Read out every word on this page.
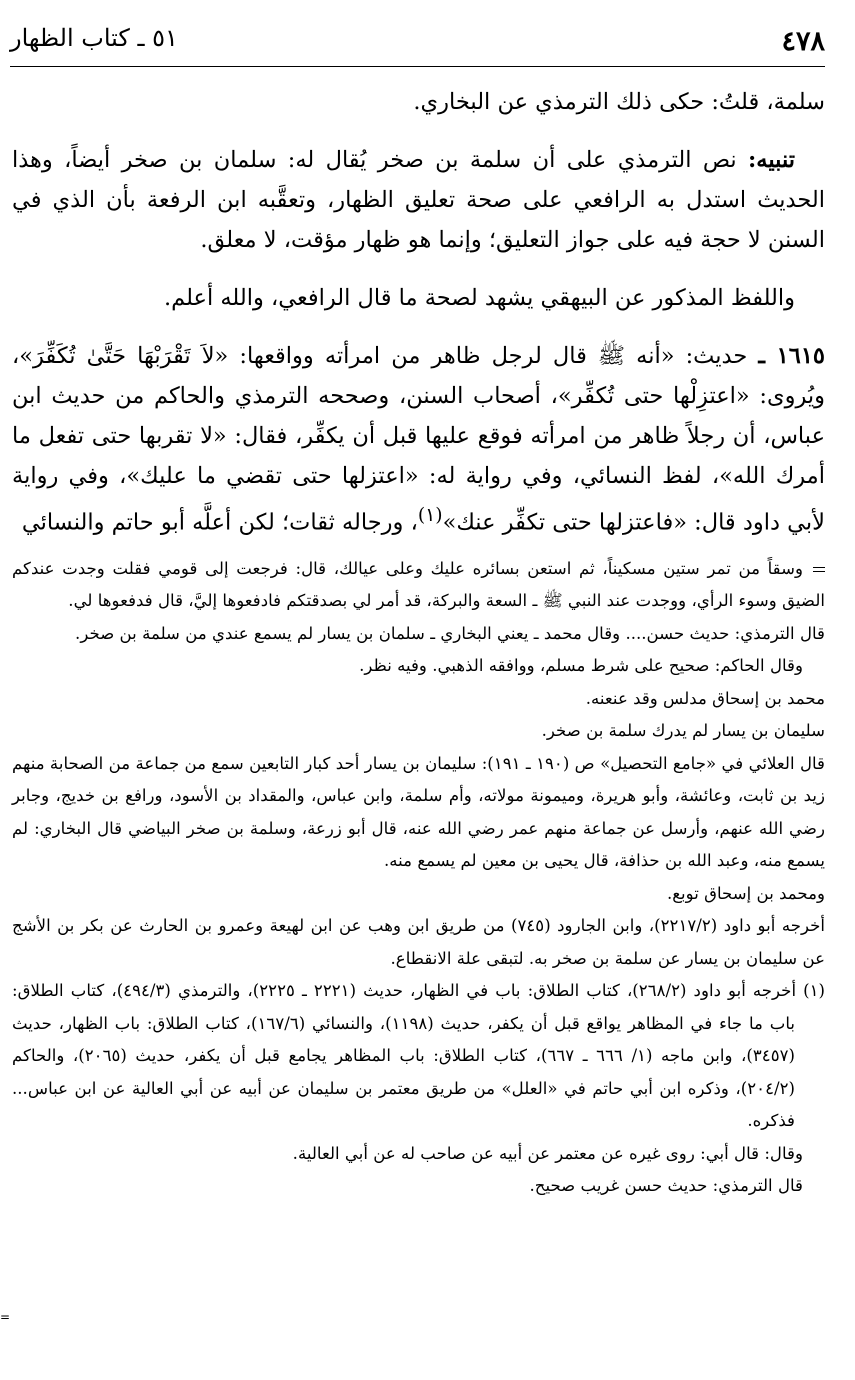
٤٧٨
٥١ ـ كتاب الظهار

سلمة، قلتُ: حكى ذلك الترمذي عن البخاري.

تنبيه: نص الترمذي على أن سلمة بن صخر يُقال له: سلمان بن صخر أيضاً، وهذا الحديث استدل به الرافعي على صحة تعليق الظهار، وتعقَّبه ابن الرفعة بأن الذي في السنن لا حجة فيه على جواز التعليق؛ وإنما هو ظهار مؤقت، لا معلق.

واللفظ المذكور عن البيهقي يشهد لصحة ما قال الرافعي، والله أعلم.

١٦١٥ ـ حديث: «أنه ﷺ قال لرجل ظاهر من امرأته وواقعها: «لاَ تَقْرَبْهَا حَتَّىٰ تُكَفِّرَ»، ويُروى: «اعتزِلْها حتى تُكفِّر»، أصحاب السنن، وصححه الترمذي والحاكم من حديث ابن عباس، أن رجلاً ظاهر من امرأته فوقع عليها قبل أن يكفِّر، فقال: «لا تقربها حتى تفعل ما أمرك الله»، لفظ النسائي، وفي رواية له: «اعتزلها حتى تقضي ما عليك»، وفي رواية لأبي داود قال: «فاعتزلها حتى تكفِّر عنك»$^{(١)}$، ورجاله ثقات؛ لكن أعلَّه أبو حاتم والنسائي

وسقاً من تمر ستين مسكيناً، ثم استعن بسائره عليك وعلى عيالك، قال: فرجعت إلى قومي فقلت وجدت عندكم الضيق وسوء الرأي، ووجدت عند النبي ﷺ ـ السعة والبركة، قد أمر لي بصدقتكم فادفعوها إليَّ، قال فدفعوها لي.

قال الترمذي: حديث حسن.... وقال محمد ـ يعني البخاري ـ سلمان بن يسار لم يسمع عندي من سلمة بن صخر.

وقال الحاكم: صحيح على شرط مسلم، ووافقه الذهبي. وفيه نظر.

محمد بن إسحاق مدلس وقد عنعنه.

سليمان بن يسار لم يدرك سلمة بن صخر.

قال العلائي في «جامع التحصيل» ص (١٩٠ ـ ١٩١): سليمان بن يسار أحد كبار التابعين سمع من جماعة من الصحابة منهم زيد بن ثابت، وعائشة، وأبو هريرة، وميمونة مولاته، وأم سلمة، وابن عباس، والمقداد بن الأسود، ورافع بن خديج، وجابر رضي الله عنهم، وأرسل عن جماعة منهم عمر رضي الله عنه، قال أبو زرعة، وسلمة بن صخر البياضي قال البخاري: لم يسمع منه، وعبد الله بن حذافة، قال يحيى بن معين لم يسمع منه.

ومحمد بن إسحاق توبع.

أخرجه أبو داود (٢٢١٧/٢)، وابن الجارود (٧٤٥) من طريق ابن وهب عن ابن لهيعة وعمرو بن الحارث عن بكر بن الأشج عن سليمان بن يسار عن سلمة بن صخر به. لتبقى علة الانقطاع.

(١) أخرجه أبو داود (٢٦٨/٢)، كتاب الطلاق: باب في الظهار، حديث (٢٢٢١ ـ ٢٢٢٥)، والترمذي (٤٩٤/٣)، كتاب الطلاق: باب ما جاء في المظاهر يواقع قبل أن يكفر، حديث (١١٩٨)، والنسائي (١٦٧/٦)، كتاب الطلاق: باب الظهار، حديث (٣٤٥٧)، وابن ماجه (١/ ٦٦٦ ـ ٦٦٧)، كتاب الطلاق: باب المظاهر يجامع قبل أن يكفر، حديث (٢٠٦٥)، والحاكم (٢٠٤/٢)، وذكره ابن أبي حاتم في «العلل» من طريق معتمر بن سليمان عن أبيه عن أبي العالية عن ابن عباس... فذكره.

وقال: قال أبي: روى غيره عن معتمر عن أبيه عن صاحب له عن أبي العالية.

قال الترمذي: حديث حسن غريب صحيح.

=
